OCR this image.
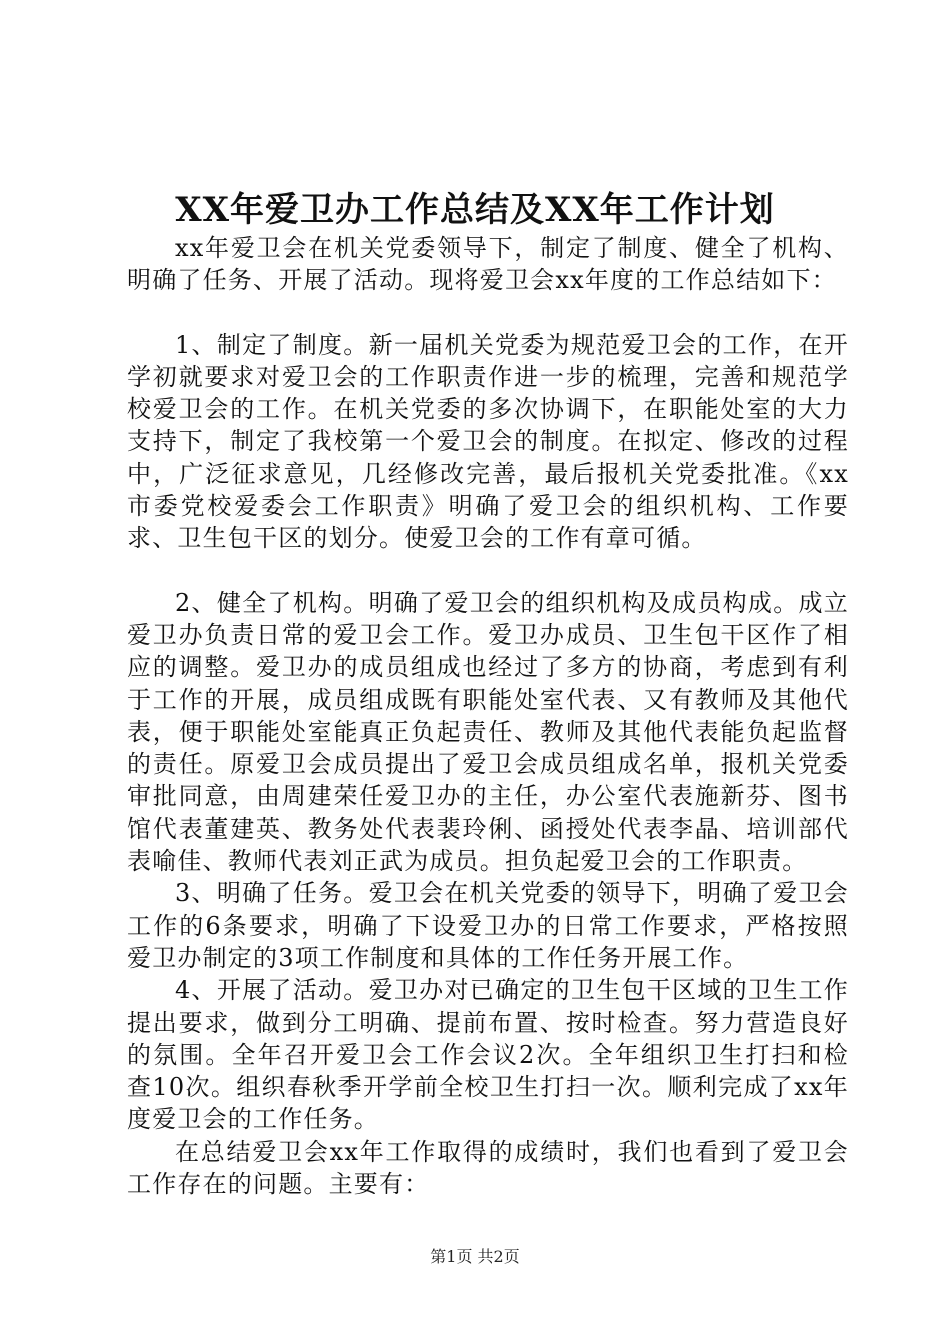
XX年爱卫办工作总结及XX年工作计划

xx年爱卫会在机关党委领导下，制定了制度、健全了机构、明确了任务、开展了活动。现将爱卫会xx年度的工作总结如下：

1、制定了制度。新一届机关党委为规范爱卫会的工作，在开学初就要求对爱卫会的工作职责作进一步的梳理，完善和规范学校爱卫会的工作。在机关党委的多次协调下，在职能处室的大力支持下，制定了我校第一个爱卫会的制度。在拟定、修改的过程中，广泛征求意见，几经修改完善，最后报机关党委批准。《xx市委党校爱委会工作职责》明确了爱卫会的组织机构、工作要求、卫生包干区的划分。使爱卫会的工作有章可循。

2、健全了机构。明确了爱卫会的组织机构及成员构成。成立爱卫办负责日常的爱卫会工作。爱卫办成员、卫生包干区作了相应的调整。爱卫办的成员组成也经过了多方的协商，考虑到有利于工作的开展，成员组成既有职能处室代表、又有教师及其他代表，便于职能处室能真正负起责任、教师及其他代表能负起监督的责任。原爱卫会成员提出了爱卫会成员组成名单，报机关党委审批同意，由周建荣任爱卫办的主任，办公室代表施新芬、图书馆代表董建英、教务处代表裴玲俐、函授处代表李晶、培训部代表喻佳、教师代表刘正武为成员。担负起爱卫会的工作职责。

3、明确了任务。爱卫会在机关党委的领导下，明确了爱卫会工作的6条要求，明确了下设爱卫办的日常工作要求，严格按照爱卫办制定的3项工作制度和具体的工作任务开展工作。

4、开展了活动。爱卫办对已确定的卫生包干区域的卫生工作提出要求，做到分工明确、提前布置、按时检查。努力营造良好的氛围。全年召开爱卫会工作会议2次。全年组织卫生打扫和检查10次。组织春秋季开学前全校卫生打扫一次。顺利完成了xx年度爱卫会的工作任务。

在总结爱卫会xx年工作取得的成绩时，我们也看到了爱卫会工作存在的问题。主要有：

第1页 共2页
